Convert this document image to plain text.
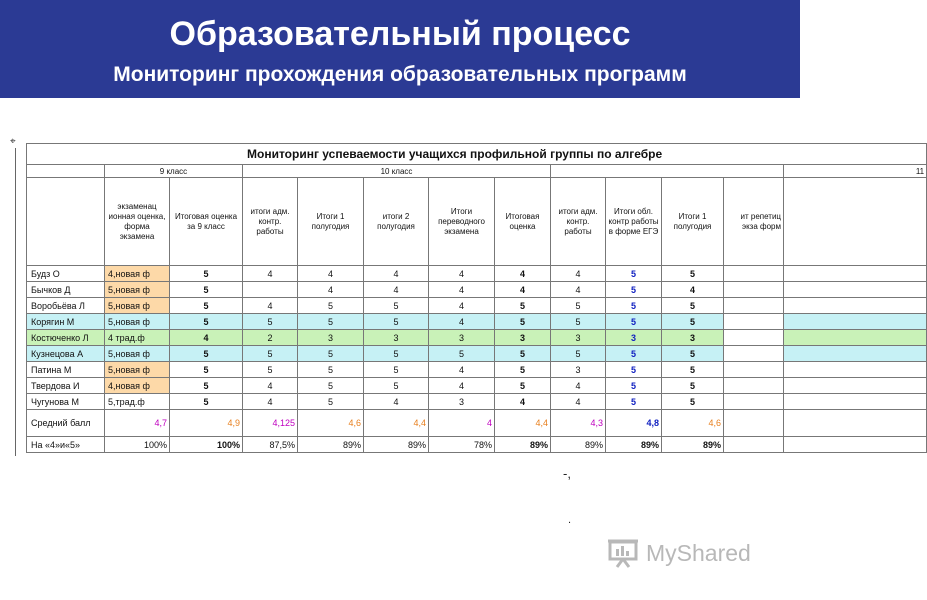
Образовательный процесс
Мониторинг прохождения образовательных программ
⌖
Мониторинг успеваемости учащихся профильной группы по алгебре												
	9 класс		10 класс									11
	экзаменац ионная оценка, форма экзамена	Итоговая оценка за 9 класс	итоги адм. контр. работы	Итоги 1 полугодия	итоги 2 полугодия	Итоги переводного экзамена	Итоговая оценка	итоги адм. контр. работы	Итоги обл. контр работы в форме ЕГЭ	Итоги 1 полугодия	ит репетиц экза форм	
Будз О	4,новая ф	5	4	4	4	4	4	4	5	5		
Бычков Д	5,новая ф	5		4	4	4	4	4	5	4		
Воробьёва Л	5,новая ф	5	4	5	5	4	5	5	5	5		
Корягин М	5,новая ф	5	5	5	5	4	5	5	5	5		
Костюченко Л	4 трад.ф	4	2	3	3	3	3	3	3	3		
Кузнецова А	5,новая ф	5	5	5	5	5	5	5	5	5		
Патина М	5,новая ф	5	5	5	5	4	5	3	5	5		
Твердова И	4,новая ф	5	4	5	5	4	5	4	5	5		
Чугунова М	5,трад.ф	5	4	5	4	3	4	4	5	5		
Средний балл	4,7	4,9	4,125	4,6	4,4	4	4,4	4,3	4,8	4,6		
На «4»и«5»	100%	100%	87,5%	89%	89%	78%	89%	89%	89%	89%		
-,
.
MyShared
